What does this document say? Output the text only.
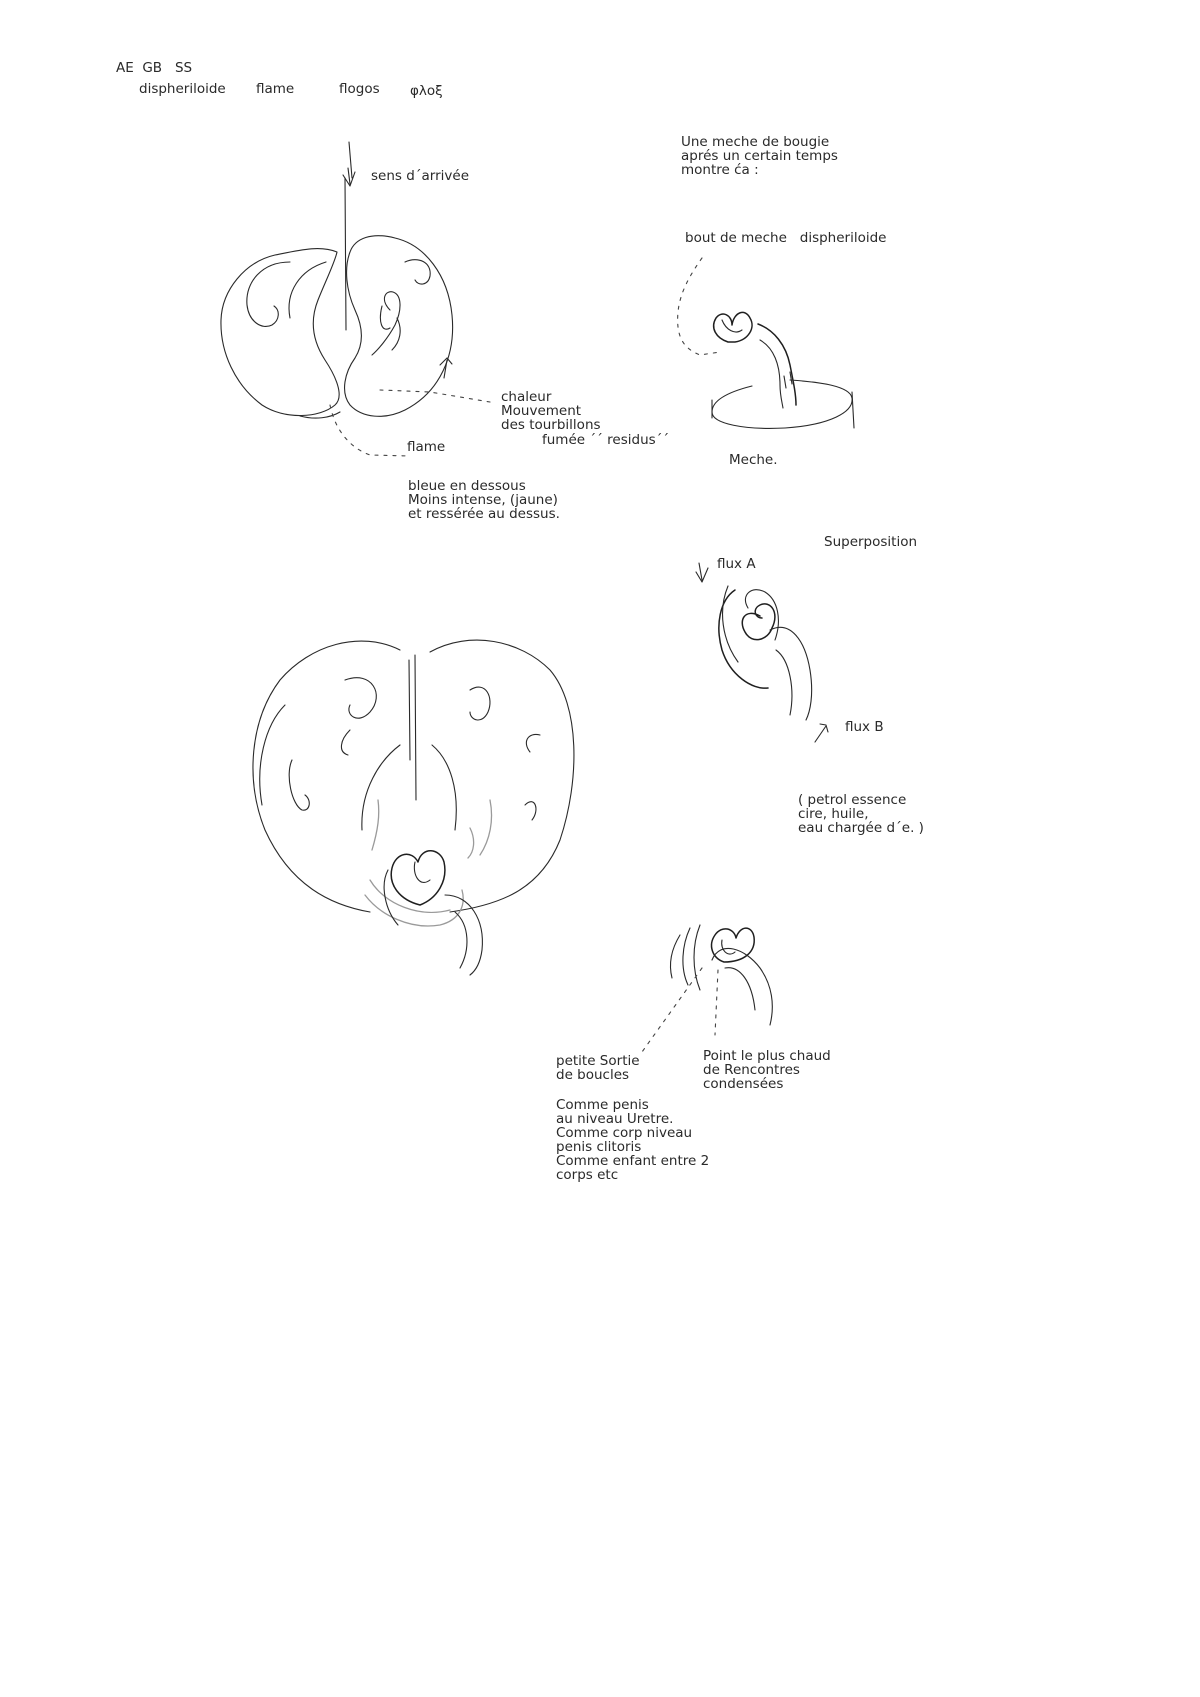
AE  GB   SS

dispheriloide flame	flogos φλοξ

sens d´arrivée

chaleur
Mouvement
des tourbillons

fumée ´´ residus´´

flame

bleue en dessous
Moins intense, (jaune)
et ressérée au dessus.

Une meche de bougie
aprés un certain temps
montre ća :

bout de meche   dispheriloide

Meche.

Superposition

flux A

flux B

( petrol essence
cire, huile,
eau chargée d´e. )

petite Sortie
de boucles

Point le plus chaud
de Rencontres
condensées

Comme penis
au niveau Uretre.
Comme corp niveau
penis clitoris
Comme enfant entre 2
corps etc
